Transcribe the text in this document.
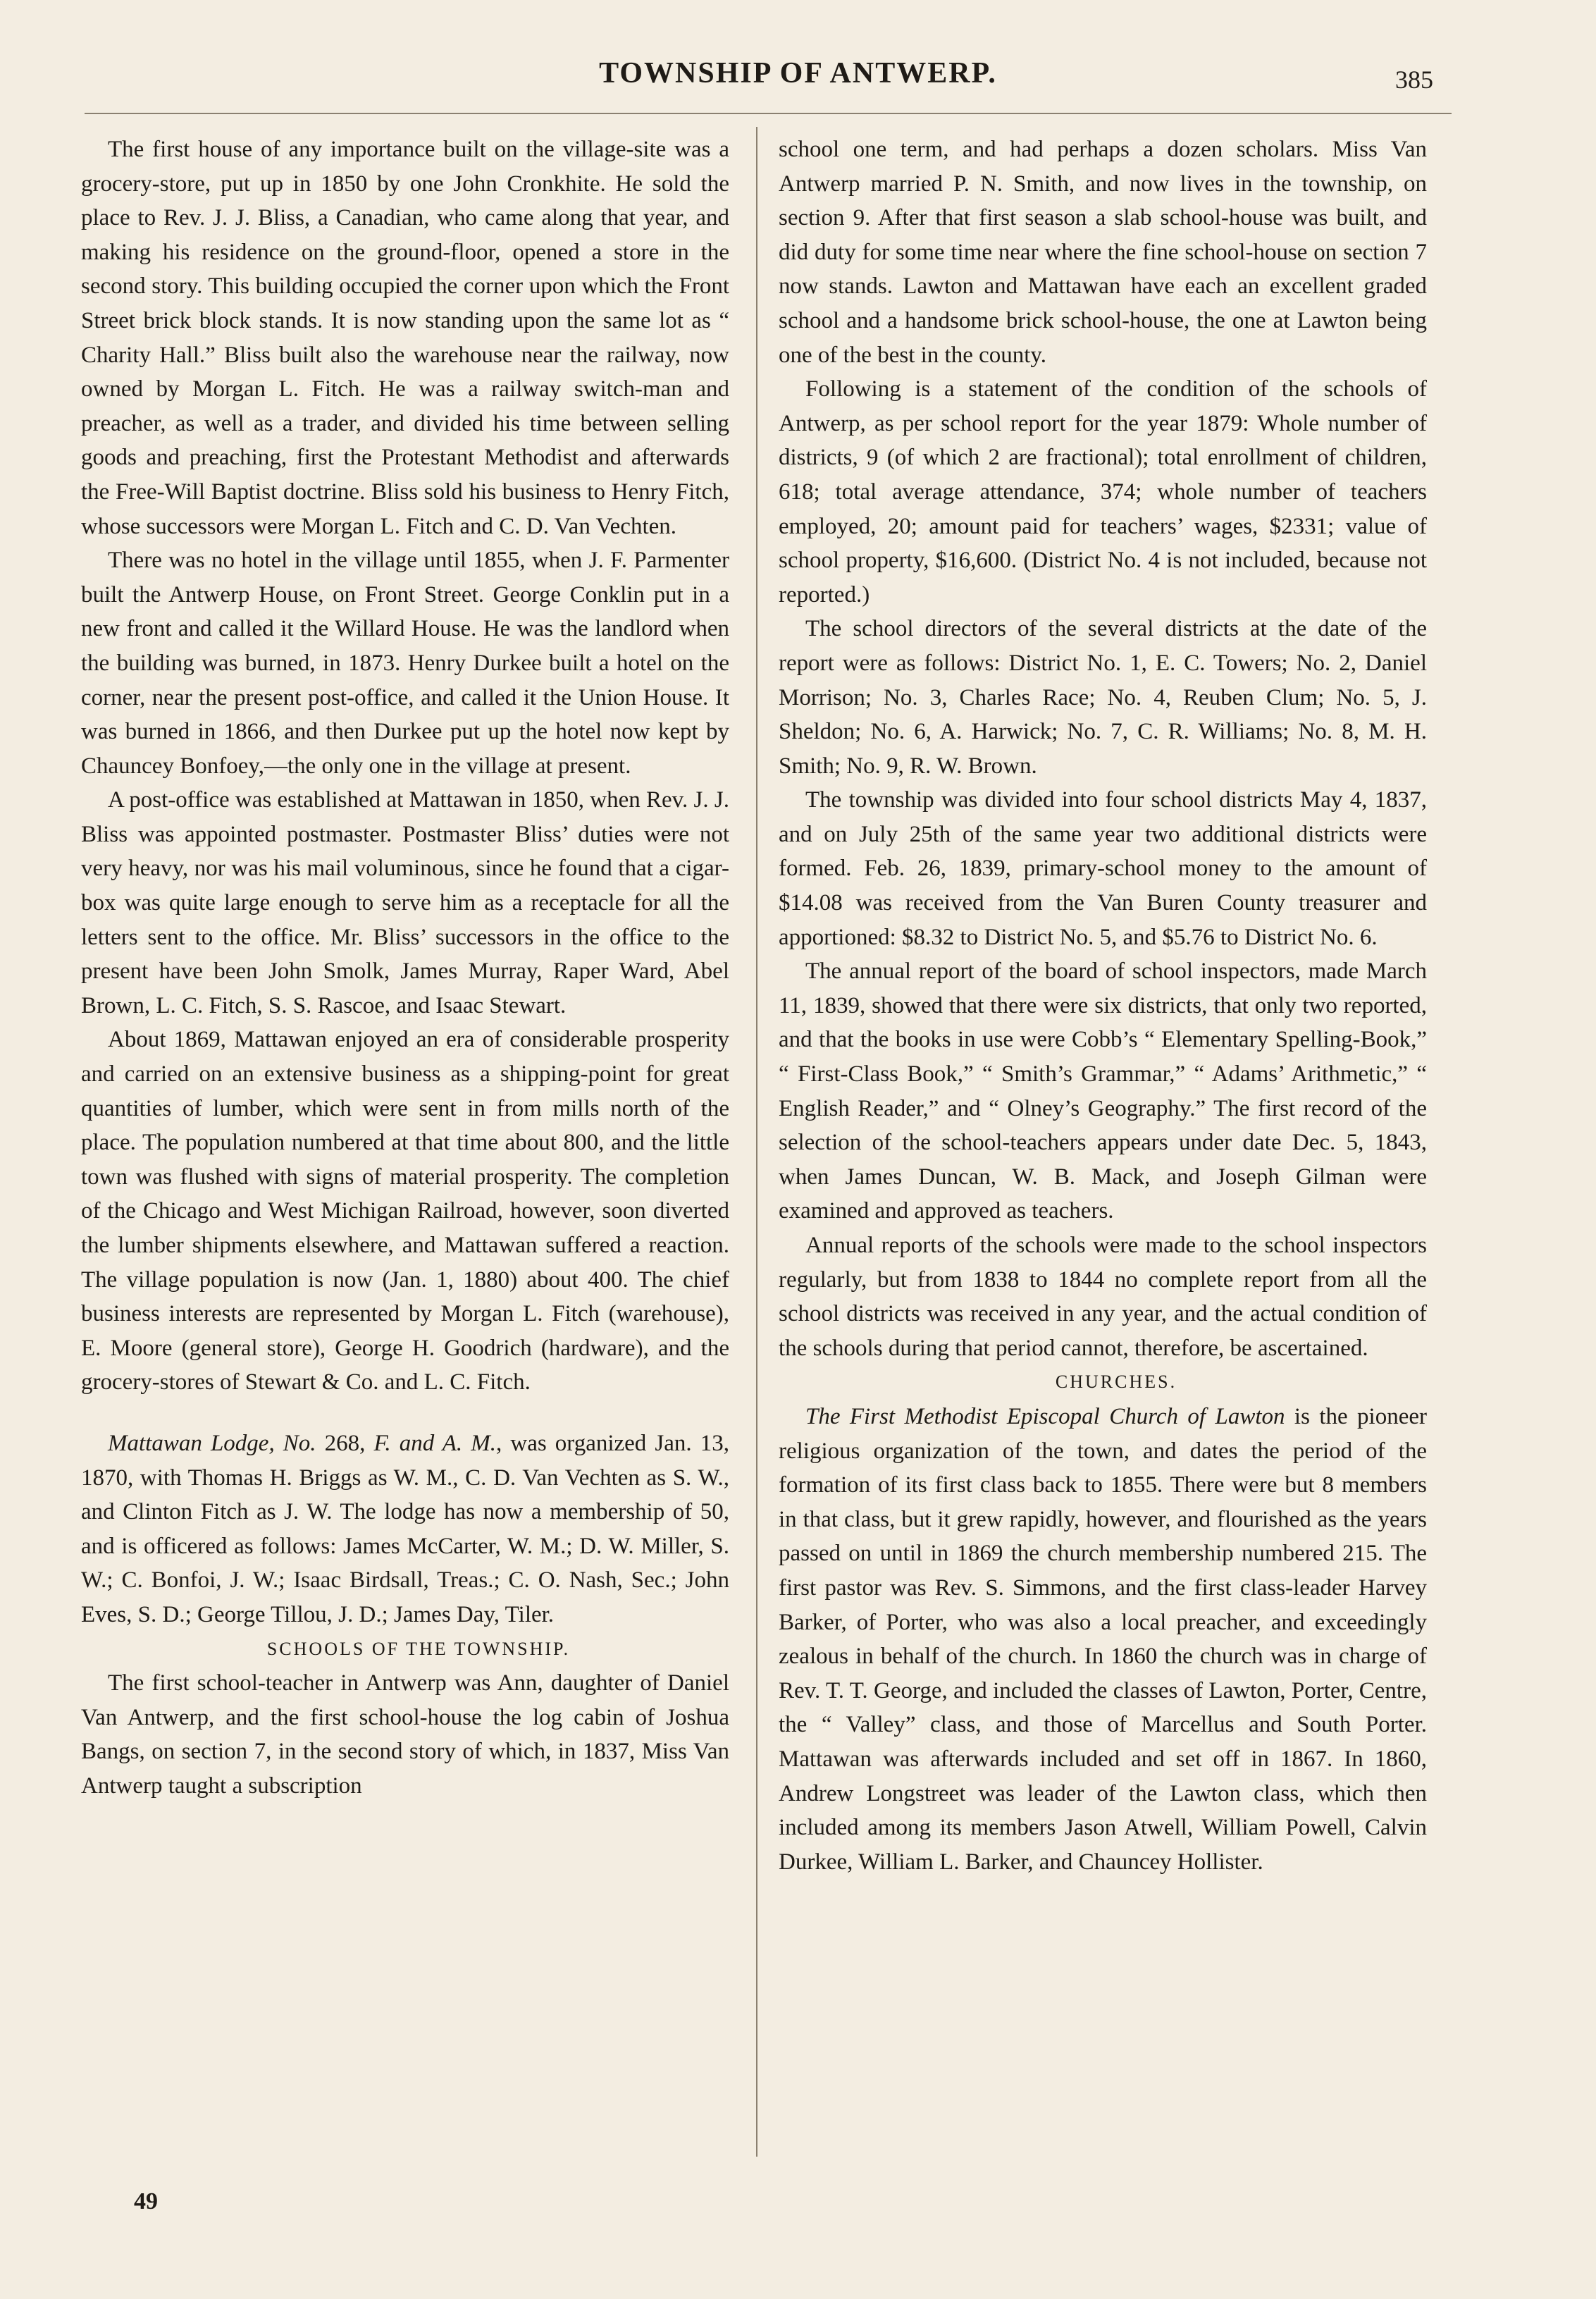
TOWNSHIP OF ANTWERP.	385

The first house of any importance built on the village-site was a grocery-store, put up in 1850 by one John Cronkhite. He sold the place to Rev. J. J. Bliss, a Canadian, who came along that year, and making his residence on the ground-floor, opened a store in the second story. This building occupied the corner upon which the Front Street brick block stands. It is now standing upon the same lot as “ Charity Hall.” Bliss built also the warehouse near the railway, now owned by Morgan L. Fitch. He was a railway switch-man and preacher, as well as a trader, and divided his time between selling goods and preaching, first the Protestant Methodist and afterwards the Free-Will Baptist doctrine. Bliss sold his business to Henry Fitch, whose successors were Morgan L. Fitch and C. D. Van Vechten.

There was no hotel in the village until 1855, when J. F. Parmenter built the Antwerp House, on Front Street. George Conklin put in a new front and called it the Willard House. He was the landlord when the building was burned, in 1873. Henry Durkee built a hotel on the corner, near the present post-office, and called it the Union House. It was burned in 1866, and then Durkee put up the hotel now kept by Chauncey Bonfoey,—the only one in the village at present.

A post-office was established at Mattawan in 1850, when Rev. J. J. Bliss was appointed postmaster. Postmaster Bliss’ duties were not very heavy, nor was his mail voluminous, since he found that a cigar-box was quite large enough to serve him as a receptacle for all the letters sent to the office. Mr. Bliss’ successors in the office to the present have been John Smolk, James Murray, Raper Ward, Abel Brown, L. C. Fitch, S. S. Rascoe, and Isaac Stewart.

About 1869, Mattawan enjoyed an era of considerable prosperity and carried on an extensive business as a shipping-point for great quantities of lumber, which were sent in from mills north of the place. The population numbered at that time about 800, and the little town was flushed with signs of material prosperity. The completion of the Chicago and West Michigan Railroad, however, soon diverted the lumber shipments elsewhere, and Mattawan suffered a reaction. The village population is now (Jan. 1, 1880) about 400. The chief business interests are represented by Morgan L. Fitch (warehouse), E. Moore (general store), George H. Goodrich (hardware), and the grocery-stores of Stewart & Co. and L. C. Fitch.

Mattawan Lodge, No. 268, F. and A. M., was organized Jan. 13, 1870, with Thomas H. Briggs as W. M., C. D. Van Vechten as S. W., and Clinton Fitch as J. W. The lodge has now a membership of 50, and is officered as follows: James McCarter, W. M.; D. W. Miller, S. W.; C. Bonfoi, J. W.; Isaac Birdsall, Treas.; C. O. Nash, Sec.; John Eves, S. D.; George Tillou, J. D.; James Day, Tiler.

SCHOOLS OF THE TOWNSHIP.

The first school-teacher in Antwerp was Ann, daughter of Daniel Van Antwerp, and the first school-house the log cabin of Joshua Bangs, on section 7, in the second story of which, in 1837, Miss Van Antwerp taught a subscription

school one term, and had perhaps a dozen scholars. Miss Van Antwerp married P. N. Smith, and now lives in the township, on section 9. After that first season a slab school-house was built, and did duty for some time near where the fine school-house on section 7 now stands. Lawton and Mattawan have each an excellent graded school and a handsome brick school-house, the one at Lawton being one of the best in the county.

Following is a statement of the condition of the schools of Antwerp, as per school report for the year 1879: Whole number of districts, 9 (of which 2 are fractional); total enrollment of children, 618; total average attendance, 374; whole number of teachers employed, 20; amount paid for teachers’ wages, $2331; value of school property, $16,600. (District No. 4 is not included, because not reported.)

The school directors of the several districts at the date of the report were as follows: District No. 1, E. C. Towers; No. 2, Daniel Morrison; No. 3, Charles Race; No. 4, Reuben Clum; No. 5, J. Sheldon; No. 6, A. Harwick; No. 7, C. R. Williams; No. 8, M. H. Smith; No. 9, R. W. Brown.

The township was divided into four school districts May 4, 1837, and on July 25th of the same year two additional districts were formed. Feb. 26, 1839, primary-school money to the amount of $14.08 was received from the Van Buren County treasurer and apportioned: $8.32 to District No. 5, and $5.76 to District No. 6.

The annual report of the board of school inspectors, made March 11, 1839, showed that there were six districts, that only two reported, and that the books in use were Cobb’s “ Elementary Spelling-Book,” “ First-Class Book,” “ Smith’s Grammar,” “ Adams’ Arithmetic,” “ English Reader,” and “ Olney’s Geography.” The first record of the selection of the school-teachers appears under date Dec. 5, 1843, when James Duncan, W. B. Mack, and Joseph Gilman were examined and approved as teachers.

Annual reports of the schools were made to the school inspectors regularly, but from 1838 to 1844 no complete report from all the school districts was received in any year, and the actual condition of the schools during that period cannot, therefore, be ascertained.

CHURCHES.

The First Methodist Episcopal Church of Lawton is the pioneer religious organization of the town, and dates the period of the formation of its first class back to 1855. There were but 8 members in that class, but it grew rapidly, however, and flourished as the years passed on until in 1869 the church membership numbered 215. The first pastor was Rev. S. Simmons, and the first class-leader Harvey Barker, of Porter, who was also a local preacher, and exceedingly zealous in behalf of the church. In 1860 the church was in charge of Rev. T. T. George, and included the classes of Lawton, Porter, Centre, the “ Valley” class, and those of Marcellus and South Porter. Mattawan was afterwards included and set off in 1867. In 1860, Andrew Longstreet was leader of the Lawton class, which then included among its members Jason Atwell, William Powell, Calvin Durkee, William L. Barker, and Chauncey Hollister.

49
